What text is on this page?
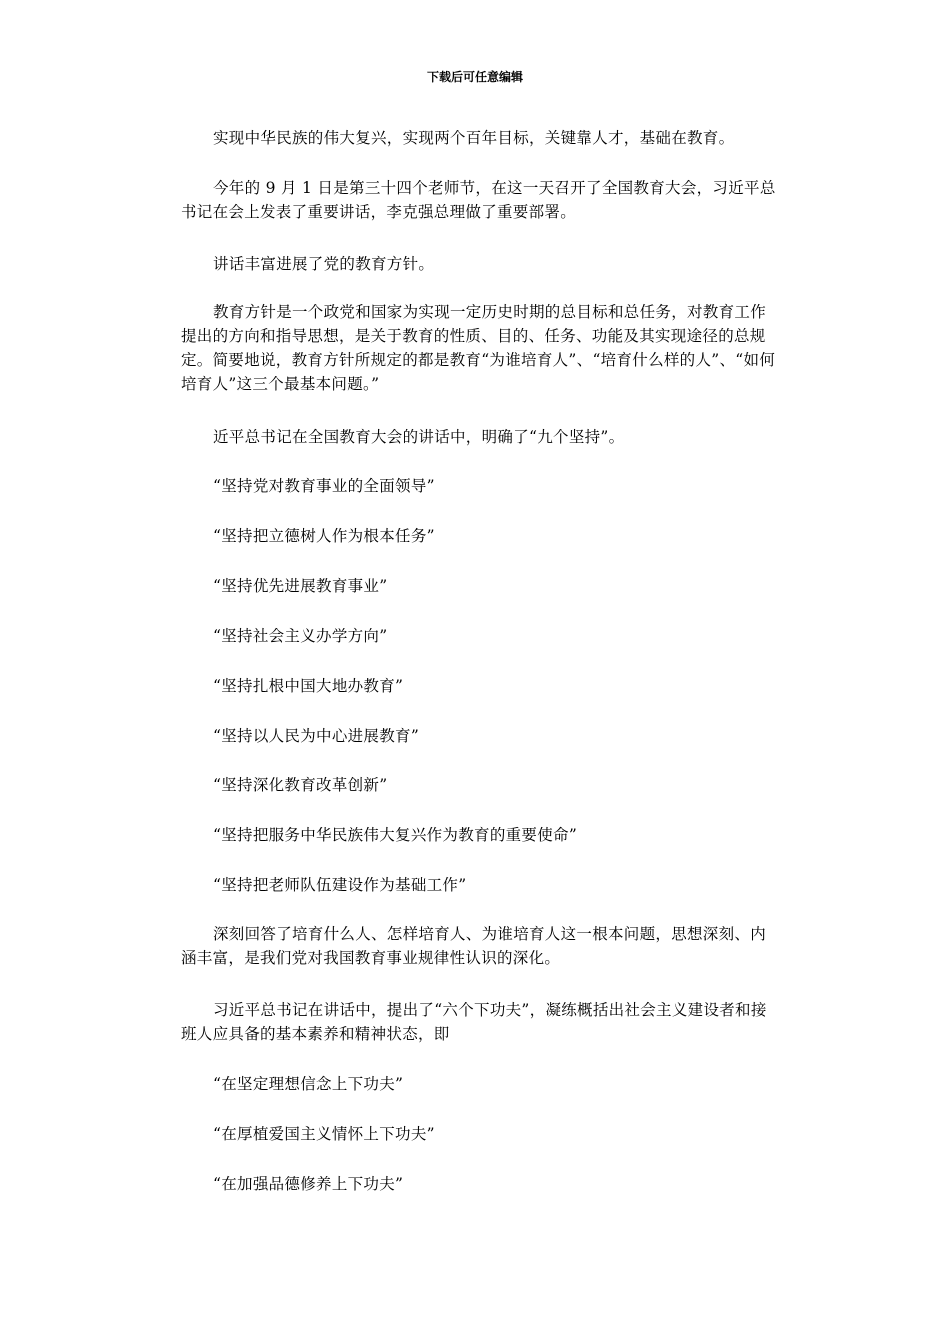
下载后可任意编辑

实现中华民族的伟大复兴，实现两个百年目标，关键靠人才，基础在教育。

今年的 9 月 1 日是第三十四个老师节，在这一天召开了全国教育大会，习近平总书记在会上发表了重要讲话，李克强总理做了重要部署。

讲话丰富进展了党的教育方针。

教育方针是一个政党和国家为实现一定历史时期的总目标和总任务，对教育工作提出的方向和指导思想，是关于教育的性质、目的、任务、功能及其实现途径的总规定。简要地说，教育方针所规定的都是教育“为谁培育人”、“培育什么样的人”、“如何培育人”这三个最基本问题。”

近平总书记在全国教育大会的讲话中，明确了“九个坚持”。

“坚持党对教育事业的全面领导”

“坚持把立德树人作为根本任务”

“坚持优先进展教育事业”

“坚持社会主义办学方向”

“坚持扎根中国大地办教育”

“坚持以人民为中心进展教育”

“坚持深化教育改革创新”

“坚持把服务中华民族伟大复兴作为教育的重要使命”

“坚持把老师队伍建设作为基础工作”

深刻回答了培育什么人、怎样培育人、为谁培育人这一根本问题，思想深刻、内涵丰富，是我们党对我国教育事业规律性认识的深化。

习近平总书记在讲话中，提出了“六个下功夫”，凝练概括出社会主义建设者和接班人应具备的基本素养和精神状态，即

“在坚定理想信念上下功夫”

“在厚植爱国主义情怀上下功夫”

“在加强品德修养上下功夫”
